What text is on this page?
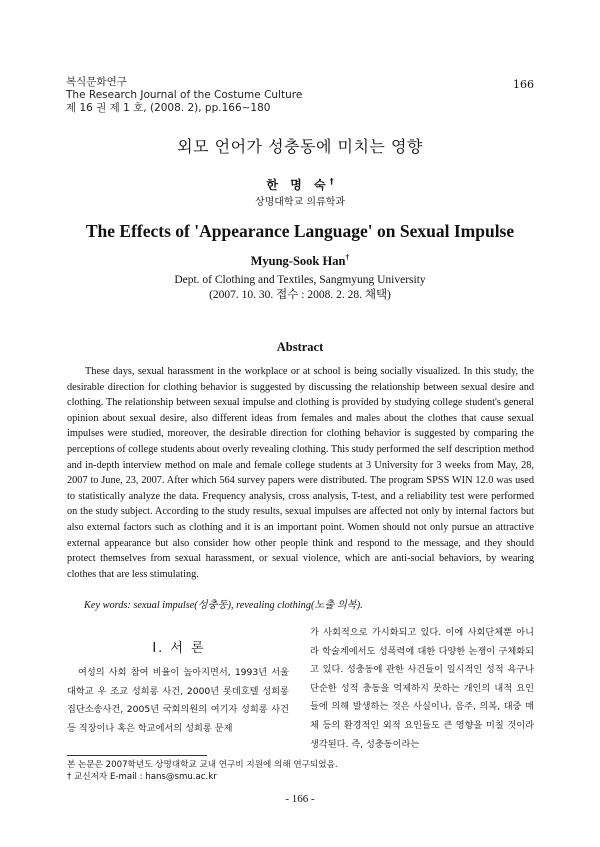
복식문화연구
The Research Journal of the Costume Culture
제 16 권 제 1 호, (2008. 2), pp.166∼180
166
외모 언어가 성충동에 미치는 영향
한 명 숙†
상명대학교 의류학과
The Effects of 'Appearance Language' on Sexual Impulse
Myung-Sook Han†
Dept. of Clothing and Textiles, Sangmyung University
(2007. 10. 30. 접수 : 2008. 2. 28. 채택)
Abstract

These days, sexual harassment in the workplace or at school is being socially visualized. In this study, the desirable direction for clothing behavior is suggested by discussing the relationship between sexual desire and clothing. The relationship between sexual impulse and clothing is provided by studying college student's general opinion about sexual desire, also different ideas from females and males about the clothes that cause sexual impulses were studied, moreover, the desirable direction for clothing behavior is suggested by comparing the perceptions of college students about overly revealing clothing. This study performed the self description method and in-depth interview method on male and female college students at 3 University for 3 weeks from May, 28, 2007 to June, 23, 2007. After which 564 survey papers were distributed. The program SPSS WIN 12.0 was used to statistically analyze the data. Frequency analysis, cross analysis, T-test, and a reliability test were performed on the study subject. According to the study results, sexual impulses are affected not only by internal factors but also external factors such as clothing and it is an important point. Women should not only pursue an attractive external appearance but also consider how other people think and respond to the message, and they should protect themselves from sexual harassment, or sexual violence, which are anti-social behaviors, by wearing clothes that are less stimulating.

Key words: sexual impulse(성충동), revealing clothing(노출 의복).
Ⅰ. 서 론

여성의 사회 참여 비율이 높아지면서, 1993년 서울대학교 우 조교 성희롱 사건, 2000년 롯데호텔 성희롱 집단소송사건, 2005년 국회의원의 여기자 성희롱 사건 등 직장이나 혹은 학교에서의 성희롱 문제

가 사회적으로 가시화되고 있다. 이에 사회단체뿐 아니라 학술계에서도 성폭력에 대한 다양한 논쟁이 구체화되고 있다. 성충동에 관한 사건들이 일시적인 성적 욕구나 단순한 성적 충동을 억제하지 못하는 개인의 내적 요인들에 의해 발생하는 것은 사실이나, 음주, 의복, 대중 매체 등의 환경적인 외적 요인들도 큰 영향을 미칠 것이라 생각된다. 즉, 성충동이라는

본 논문은 2007학년도 상명대학교 교내 연구비 지원에 의해 연구되었음.
† 교신저자 E-mail : hans@smu.ac.kr
- 166 -
